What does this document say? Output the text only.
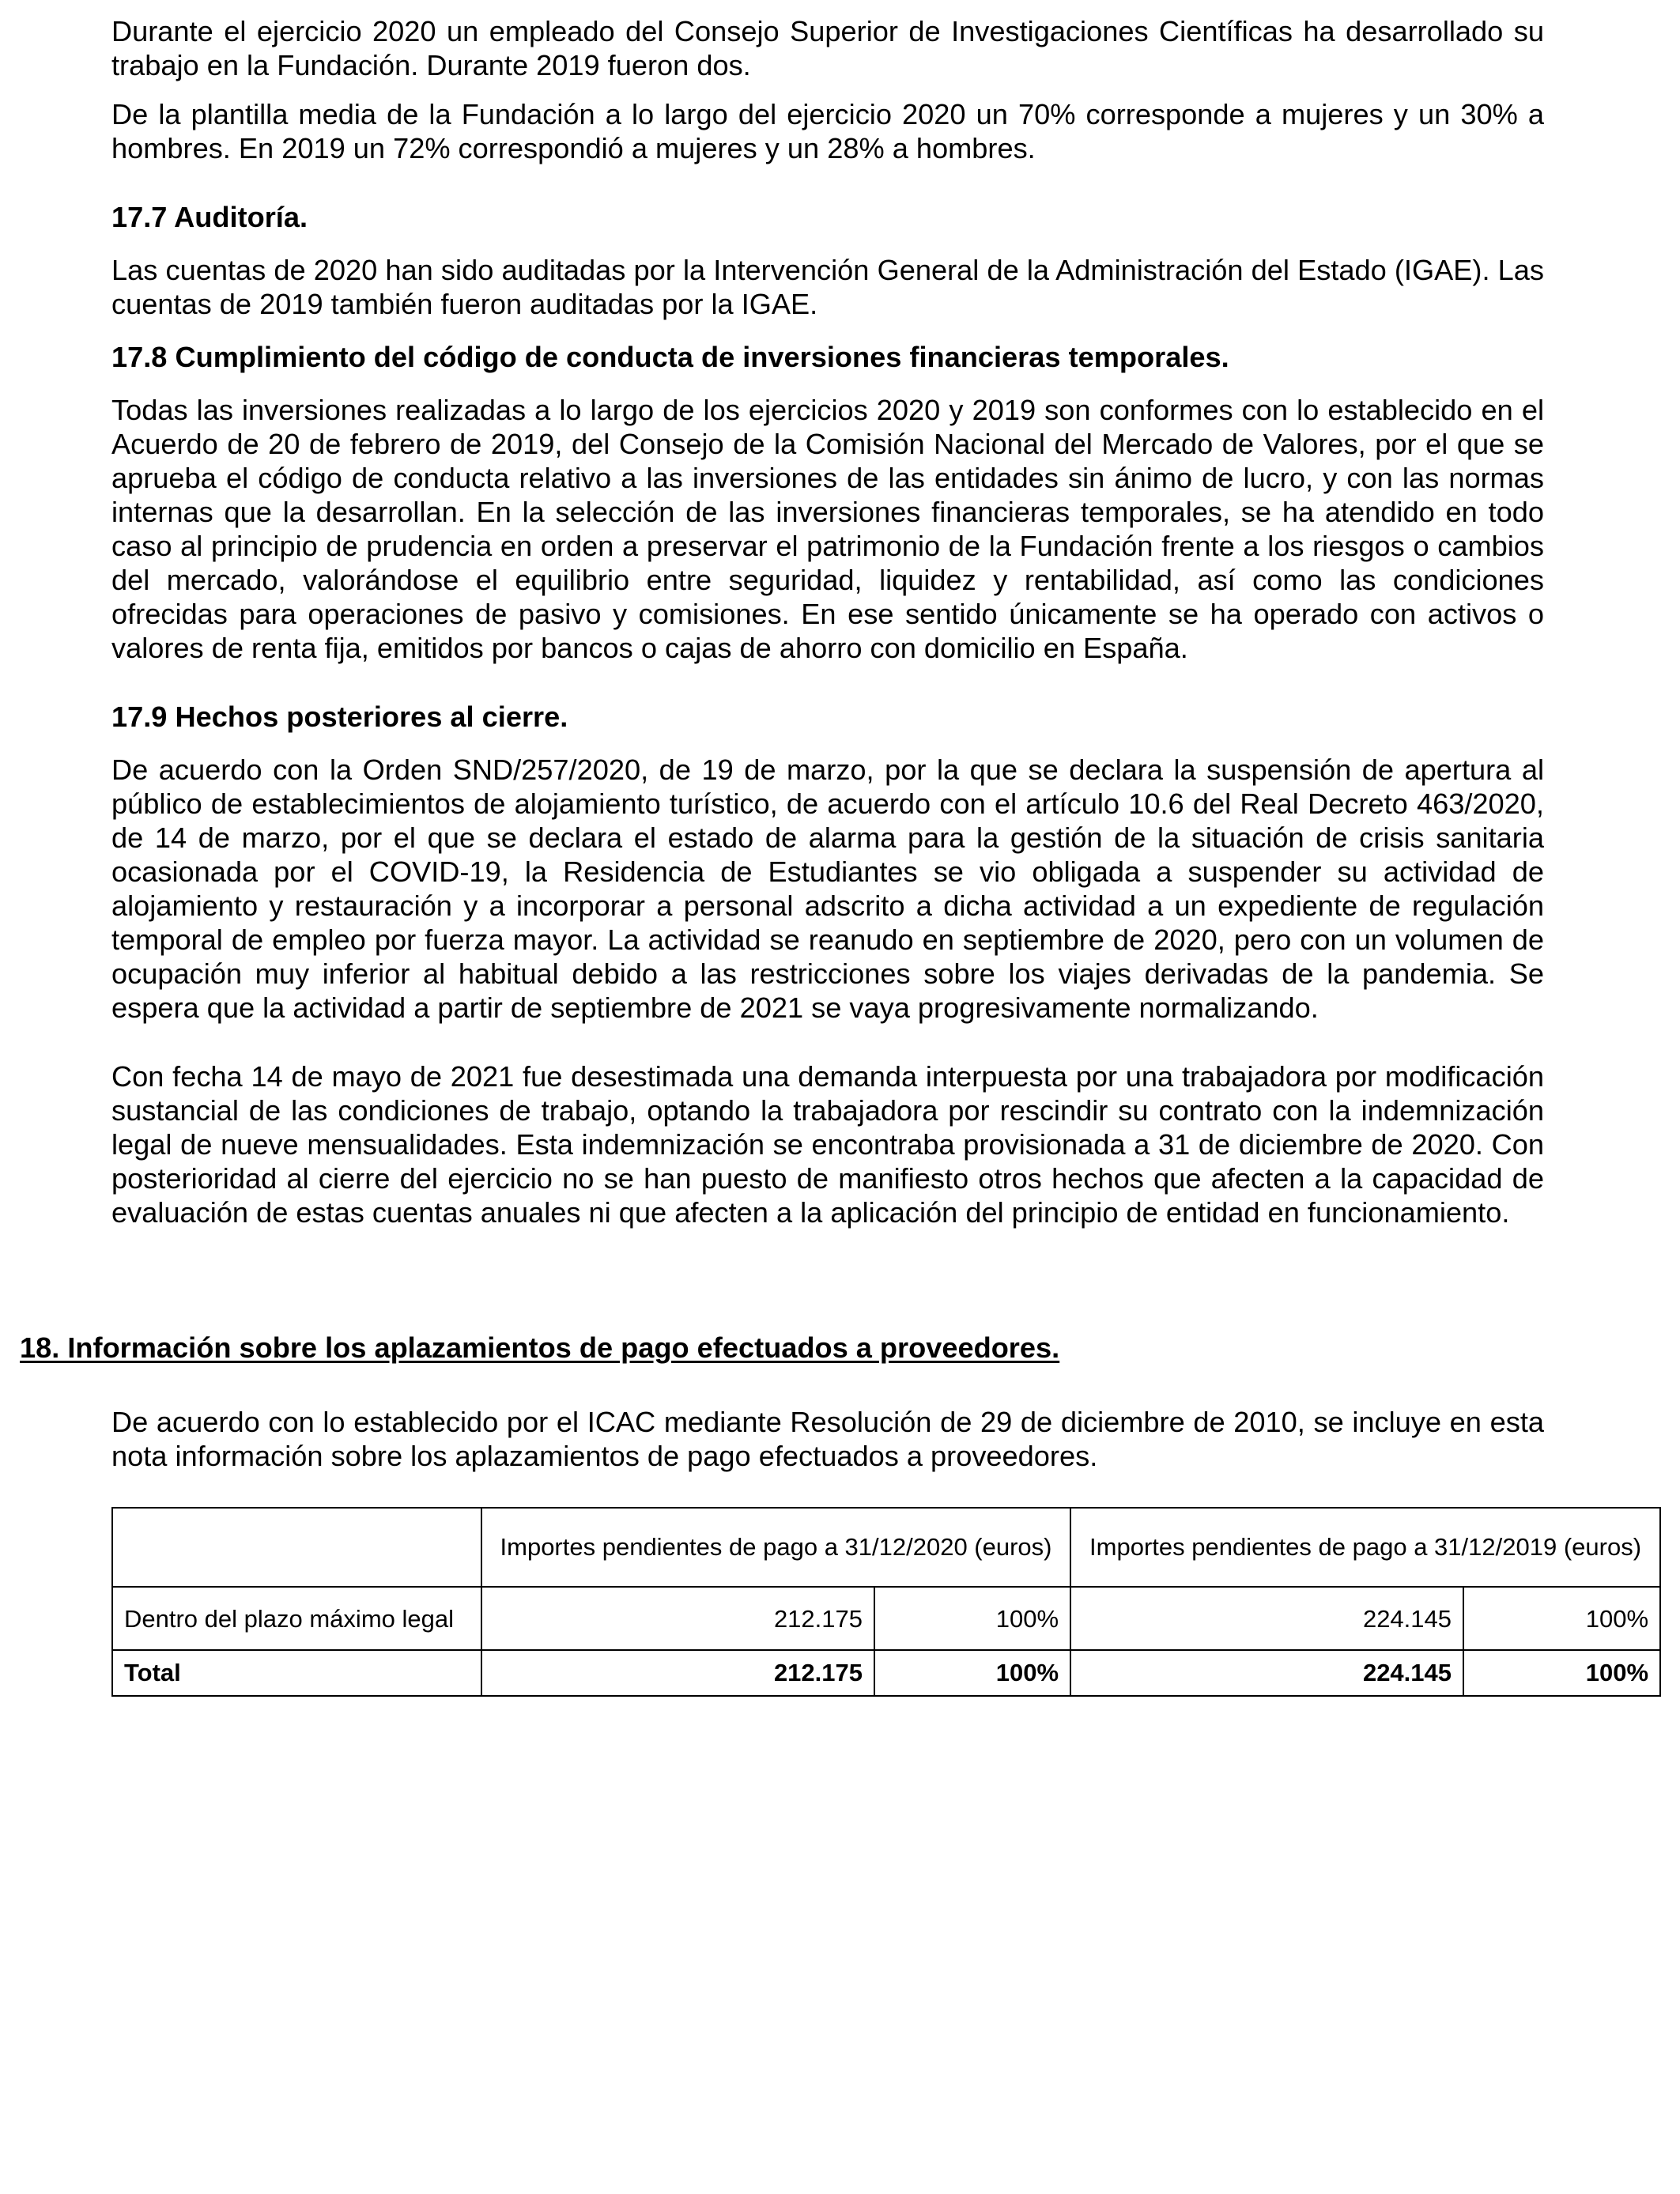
Durante el ejercicio 2020 un empleado del Consejo Superior de Investigaciones Científicas ha desarrollado su trabajo en la Fundación. Durante 2019 fueron dos.

De la plantilla media de la Fundación a lo largo del ejercicio 2020 un 70% corresponde a mujeres y un 30% a hombres. En 2019 un 72% correspondió a mujeres y un 28% a hombres.

17.7 Auditoría.

Las cuentas de 2020 han sido auditadas por la Intervención General de la Administración del Estado (IGAE). Las cuentas de 2019 también fueron auditadas por la IGAE.

17.8 Cumplimiento del código de conducta de inversiones financieras temporales.

Todas las inversiones realizadas a lo largo de los ejercicios 2020 y 2019 son conformes con lo establecido en el Acuerdo de 20 de febrero de 2019, del Consejo de la Comisión Nacional del Mercado de Valores, por el que se aprueba el código de conducta relativo a las inversiones de las entidades sin ánimo de lucro, y con las normas internas que la desarrollan. En la selección de las inversiones financieras temporales, se ha atendido en todo caso al principio de prudencia en orden a preservar el patrimonio de la Fundación frente a los riesgos o cambios del mercado, valorándose el equilibrio entre seguridad, liquidez y rentabilidad, así como las condiciones ofrecidas para operaciones de pasivo y comisiones. En ese sentido únicamente se ha operado con activos o valores de renta fija, emitidos por bancos o cajas de ahorro con domicilio en España.

17.9 Hechos posteriores al cierre.

De acuerdo con la Orden SND/257/2020, de 19 de marzo, por la que se declara la suspensión de apertura al público de establecimientos de alojamiento turístico, de acuerdo con el artículo 10.6 del Real Decreto 463/2020, de 14 de marzo, por el que se declara el estado de alarma para la gestión de la situación de crisis sanitaria ocasionada por el COVID-19, la Residencia de Estudiantes se vio obligada a suspender su actividad de alojamiento y restauración y a incorporar a personal adscrito a dicha actividad a un expediente de regulación temporal de empleo por fuerza mayor. La actividad se reanudo en septiembre de 2020, pero con un volumen de ocupación muy inferior al habitual debido a las restricciones sobre los viajes derivadas de la pandemia. Se espera que la actividad a partir de septiembre de 2021 se vaya progresivamente normalizando.

Con fecha 14 de mayo de 2021 fue desestimada una demanda interpuesta por una trabajadora por modificación sustancial de las condiciones de trabajo, optando la trabajadora por rescindir su contrato con la indemnización legal de nueve mensualidades. Esta indemnización se encontraba provisionada a 31 de diciembre de 2020. Con posterioridad al cierre del ejercicio no se han puesto de manifiesto otros hechos que afecten a la capacidad de evaluación de estas cuentas anuales ni que afecten a la aplicación del principio de entidad en funcionamiento.

18. Información sobre los aplazamientos de pago efectuados a proveedores.

De acuerdo con lo establecido por el ICAC mediante Resolución de 29 de diciembre de 2010, se incluye en esta nota información sobre los aplazamientos de pago efectuados a proveedores.

	Importes pendientes de pago a 31/12/2020 (euros)		Importes pendientes de pago a 31/12/2019 (euros)	
Dentro del plazo máximo legal	212.175	100%	224.145	100%
Total	212.175	100%	224.145	100%
